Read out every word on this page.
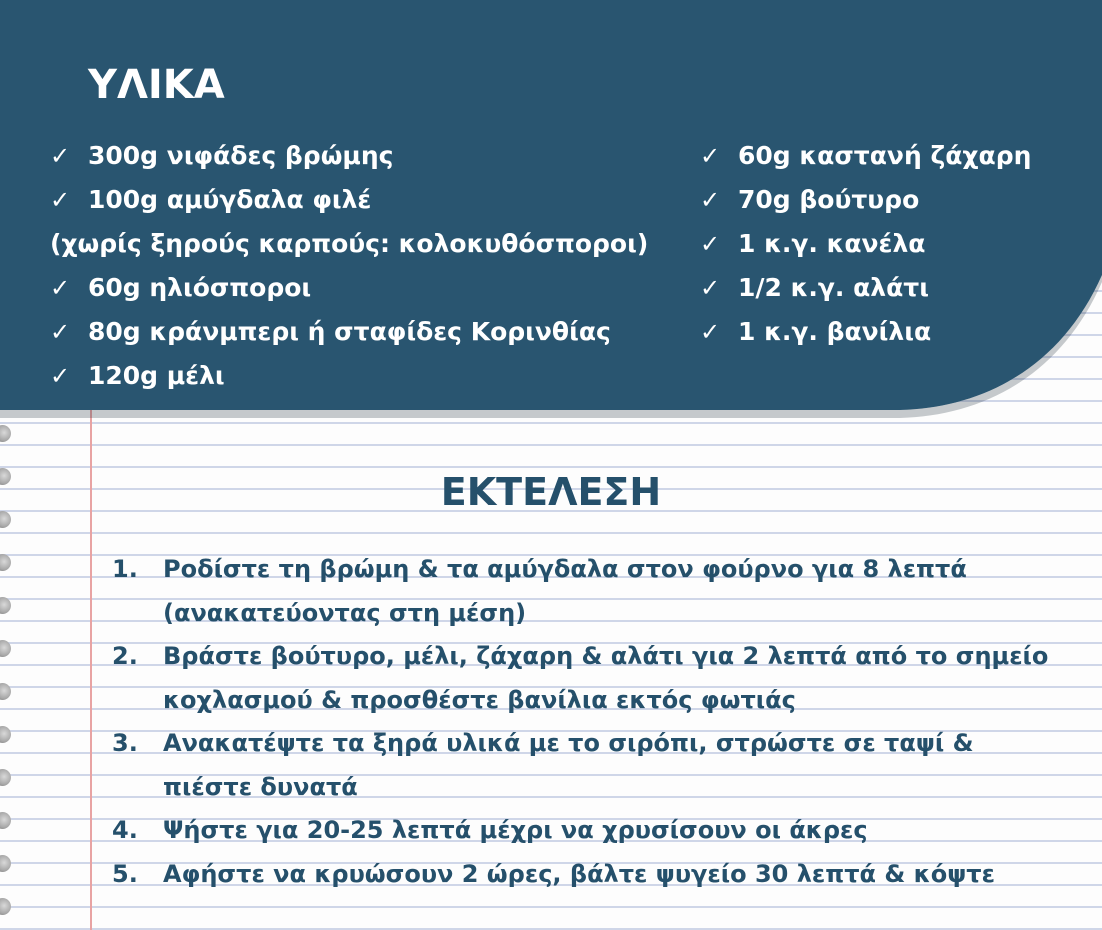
ΥΛΙΚΑ
✓ 300g νιφάδες βρώμης
✓ 100g αμύγδαλα φιλέ
(χωρίς ξηρούς καρπούς: κολοκυθόσποροι)
✓ 60g ηλιόσποροι
✓ 80g κράνμπερι ή σταφίδες Κορινθίας
✓ 120g μέλι
✓ 60g καστανή ζάχαρη
✓ 70g βούτυρο
✓ 1 κ.γ. κανέλα
✓ 1/2 κ.γ. αλάτι
✓ 1 κ.γ. βανίλια
ΕΚΤΕΛΕΣΗ
1. Ροδίστε τη βρώμη & τα αμύγδαλα στον φούρνο για 8 λεπτά (ανακατεύοντας στη μέση)
2. Βράστε βούτυρο, μέλι, ζάχαρη & αλάτι για 2 λεπτά από το σημείο κοχλασμού & προσθέστε βανίλια εκτός φωτιάς
3. Ανακατέψτε τα ξηρά υλικά με το σιρόπι, στρώστε σε ταψί & πιέστε δυνατά
4. Ψήστε για 20-25 λεπτά μέχρι να χρυσίσουν οι άκρες
5. Αφήστε να κρυώσουν 2 ώρες, βάλτε ψυγείο 30 λεπτά & κόψτε
